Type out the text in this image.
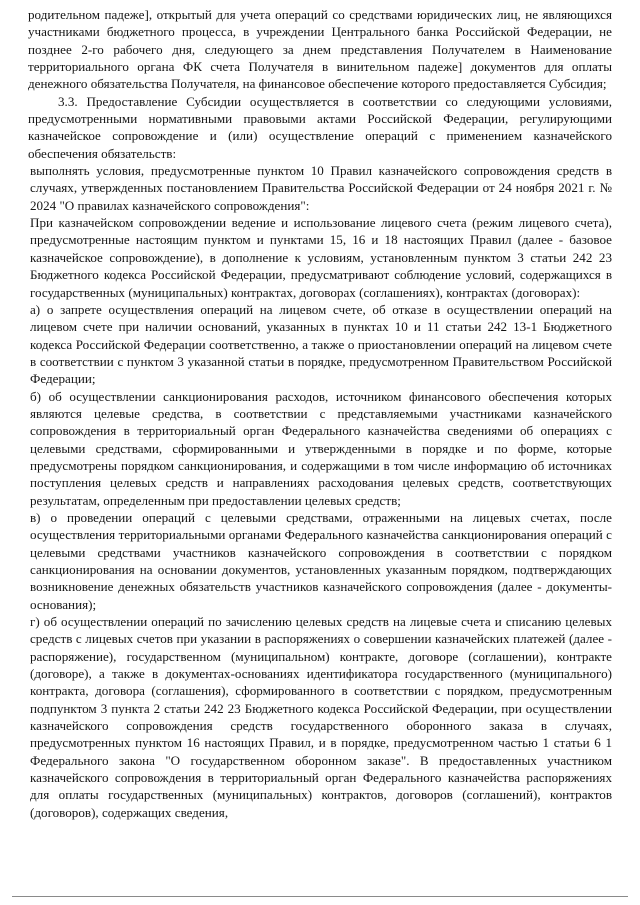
родительном падеже], открытый для учета операций со средствами юридических лиц, не являющихся участниками бюджетного процесса, в учреждении Центрального банка Российской Федерации, не позднее 2-го рабочего дня, следующего за днем представления Получателем в Наименование территориального органа ФК счета Получателя в винительном падеже] документов для оплаты денежного обязательства Получателя, на финансовое обеспечение которого предоставляется Субсидия;

3.3. Предоставление Субсидии осуществляется в соответствии со следующими условиями, предусмотренными нормативными правовыми актами Российской Федерации, регулирующими казначейское сопровождение и (или) осуществление операций с применением казначейского обеспечения обязательств:

выполнять условия, предусмотренные пунктом 10 Правил казначейского сопровождения средств в случаях, утвержденных постановлением Правительства Российской Федерации от 24 ноября 2021 г. № 2024 "О правилах казначейского сопровождения":

При казначейском сопровождении ведение и использование лицевого счета (режим лицевого счета), предусмотренные настоящим пунктом и пунктами 15, 16 и 18 настоящих Правил (далее - базовое казначейское сопровождение), в дополнение к условиям, установленным пунктом 3 статьи 242 23 Бюджетного кодекса Российской Федерации, предусматривают соблюдение условий, содержащихся в государственных (муниципальных) контрактах, договорах (соглашениях), контрактах (договорах):

а) о запрете осуществления операций на лицевом счете, об отказе в осуществлении операций на лицевом счете при наличии оснований, указанных в пунктах 10 и 11 статьи 242 13-1 Бюджетного кодекса Российской Федерации соответственно, а также о приостановлении операций на лицевом счете в соответствии с пунктом 3 указанной статьи в порядке, предусмотренном Правительством Российской Федерации;

б) об осуществлении санкционирования расходов, источником финансового обеспечения которых являются целевые средства, в соответствии с представляемыми участниками казначейского сопровождения в территориальный орган Федерального казначейства сведениями об операциях с целевыми средствами, сформированными и утвержденными в порядке и по форме, которые предусмотрены порядком санкционирования, и содержащими в том числе информацию об источниках поступления целевых средств и направлениях расходования целевых средств, соответствующих результатам, определенным при предоставлении целевых средств;

в) о проведении операций с целевыми средствами, отраженными на лицевых счетах, после осуществления территориальными органами Федерального казначейства санкционирования операций с целевыми средствами участников казначейского сопровождения в соответствии с порядком санкционирования на основании документов, установленных указанным порядком, подтверждающих возникновение денежных обязательств участников казначейского сопровождения (далее - документы-основания);

г) об осуществлении операций по зачислению целевых средств на лицевые счета и списанию целевых средств с лицевых счетов при указании в распоряжениях о совершении казначейских платежей (далее - распоряжение), государственном (муниципальном) контракте, договоре (соглашении), контракте (договоре), а также в документах-основаниях идентификатора государственного (муниципального) контракта, договора (соглашения), сформированного в соответствии с порядком, предусмотренным подпунктом 3 пункта 2 статьи 242 23 Бюджетного кодекса Российской Федерации, при осуществлении казначейского сопровождения средств государственного оборонного заказа в случаях, предусмотренных пунктом 16 настоящих Правил, и в порядке, предусмотренном частью 1 статьи 6 1 Федерального закона "О государственном оборонном заказе". В предоставленных участником казначейского сопровождения в территориальный орган Федерального казначейства распоряжениях для оплаты государственных (муниципальных) контрактов, договоров (соглашений), контрактов (договоров), содержащих сведения,
